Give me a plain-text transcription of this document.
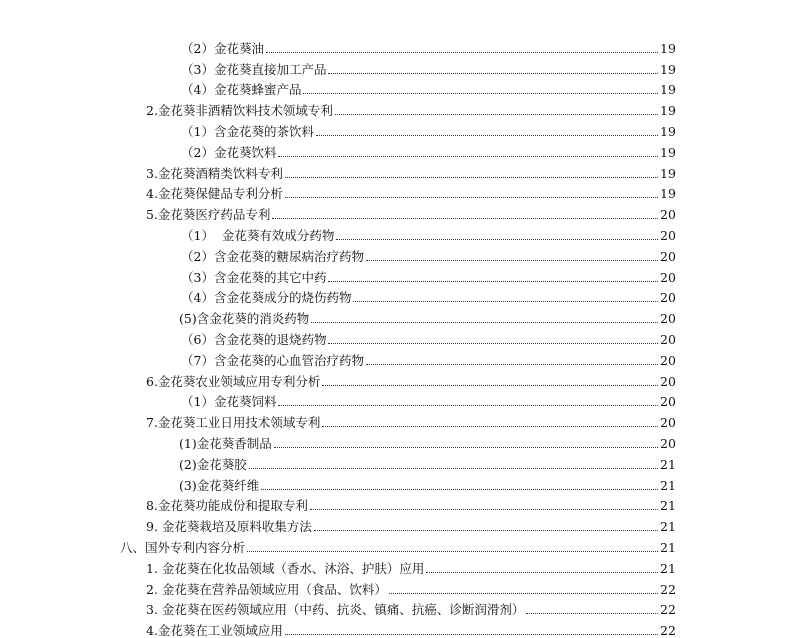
（2）金花葵油	19
（3）金花葵直接加工产品	19
（4）金花葵蜂蜜产品	19
2.金花葵非酒精饮料技术领域专利	19
（1）含金花葵的茶饮料	19
（2）金花葵饮料	19
3.金花葵酒精类饮料专利	19
4.金花葵保健品专利分析	19
5.金花葵医疗药品专利	20
（1）  金花葵有效成分药物	20
（2）含金花葵的糖尿病治疗药物	20
（3）含金花葵的其它中药	20
（4）含金花葵成分的烧伤药物	20
(5)含金花葵的消炎药物	20
（6）含金花葵的退烧药物	20
（7）含金花葵的心血管治疗药物	20
6.金花葵农业领域应用专利分析	20
（1）金花葵饲料	20
7.金花葵工业日用技术领域专利	20
(1)金花葵香制品	20
(2)金花葵胶	21
(3)金花葵纤维	21
8.金花葵功能成份和提取专利	21
9. 金花葵栽培及原料收集方法	21
八、国外专利内容分析	21
1. 金花葵在化妆品领域（香水、沐浴、护肤）应用	21
2. 金花葵在营养品领域应用（食品、饮料）	22
3. 金花葵在医药领域应用（中药、抗炎、镇痛、抗癌、诊断润滑剂）	22
4.金花葵在工业领域应用	22
